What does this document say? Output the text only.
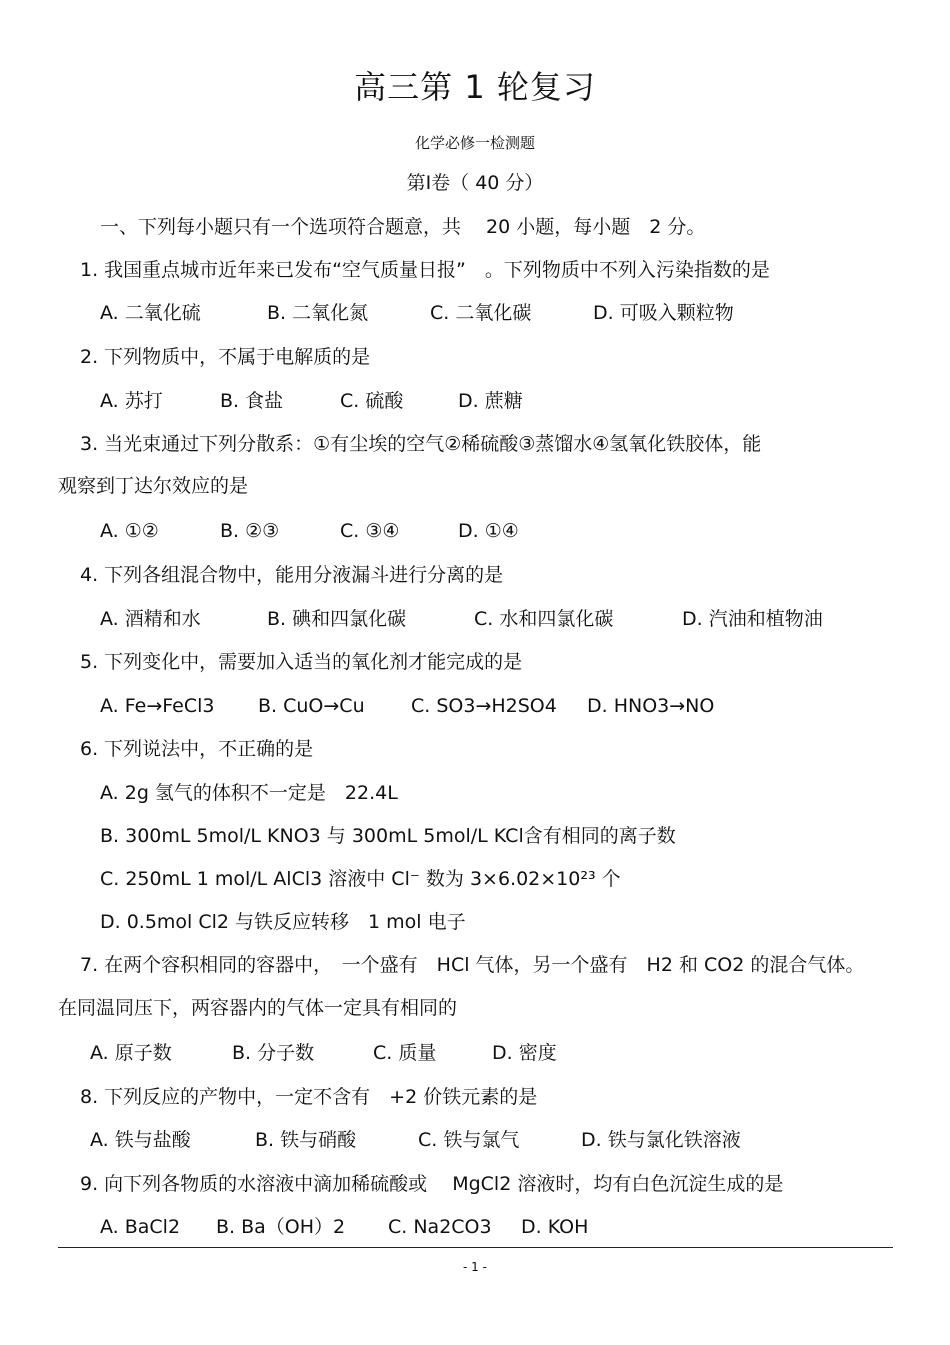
高三第 1 轮复习
化学必修一检测题
第Ⅰ卷（ 40 分）
一、下列每小题只有一个选项符合题意，共　 20 小题，每小题　2 分。
1. 我国重点城市近年来已发布“空气质量日报”　。下列物质中不列入污染指数的是
A. 二氧化硫	B. 二氧化氮	C. 二氧化碳	D. 可吸入颗粒物
2. 下列物质中，不属于电解质的是
A. 苏打	B. 食盐	C. 硫酸	D. 蔗糖
3. 当光束通过下列分散系：①有尘埃的空气②稀硫酸③蒸馏水④氢氧化铁胶体，能
观察到丁达尔效应的是
A. ①②	B. ②③	C. ③④	D. ①④
4. 下列各组混合物中，能用分液漏斗进行分离的是
A. 酒精和水	B. 碘和四氯化碳	C. 水和四氯化碳	D. 汽油和植物油
5. 下列变化中，需要加入适当的氧化剂才能完成的是
A. Fe→FeCl3 B. CuO→Cu C. SO3→H2SO4 D. HNO3→NO
6. 下列说法中，不正确的是
A. 2g 氢气的体积不一定是　22.4L
B. 300mL 5mol/L KNO3 与 300mL 5mol/L KCl含有相同的离子数
C. 250mL 1 mol/L AlCl3 溶液中 Cl⁻ 数为 3×6.02×10²³ 个
D. 0.5mol Cl2 与铁反应转移　1 mol 电子
7. 在两个容积相同的容器中，　一个盛有　HCl 气体，另一个盛有　H2 和 CO2 的混合气体。
在同温同压下，两容器内的气体一定具有相同的
A. 原子数	B. 分子数	C. 质量	D. 密度
8. 下列反应的产物中，一定不含有　+2 价铁元素的是
A. 铁与盐酸	B. 铁与硝酸	C. 铁与氯气	D. 铁与氯化铁溶液
9. 向下列各物质的水溶液中滴加稀硫酸或　 MgCl2 溶液时，均有白色沉淀生成的是
A. BaCl2 B. Ba（OH）2 C. Na2CO3 D. KOH
- 1 -
